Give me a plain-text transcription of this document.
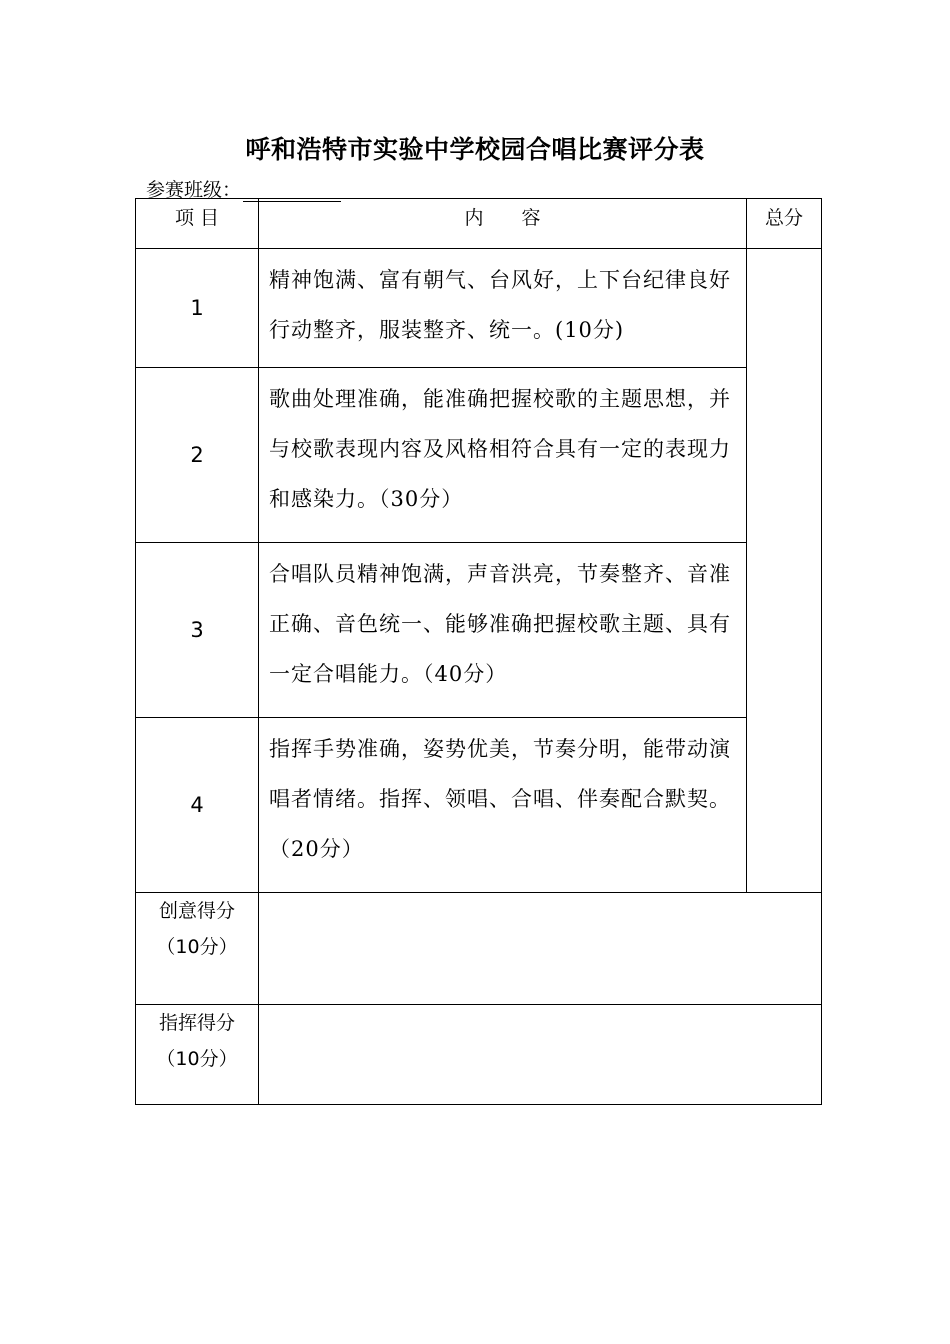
呼和浩特市实验中学校园合唱比赛评分表
参赛班级：
项 目	内　　容	总分

1	精神饱满、富有朝气、台风好，上下台纪律良好行动整齐，服装整齐、统一。(10分)	
2	歌曲处理准确，能准确把握校歌的主题思想，并与校歌表现内容及风格相符合具有一定的表现力和感染力。（30分）	
3	合唱队员精神饱满，声音洪亮，节奏整齐、音准正确、音色统一、能够准确把握校歌主题、具有一定合唱能力。（40分）	
4	指挥手势准确，姿势优美，节奏分明，能带动演唱者情绪。指挥、领唱、合唱、伴奏配合默契。（20分）	

创意得分
（10分）		

指挥得分
（10分）		
